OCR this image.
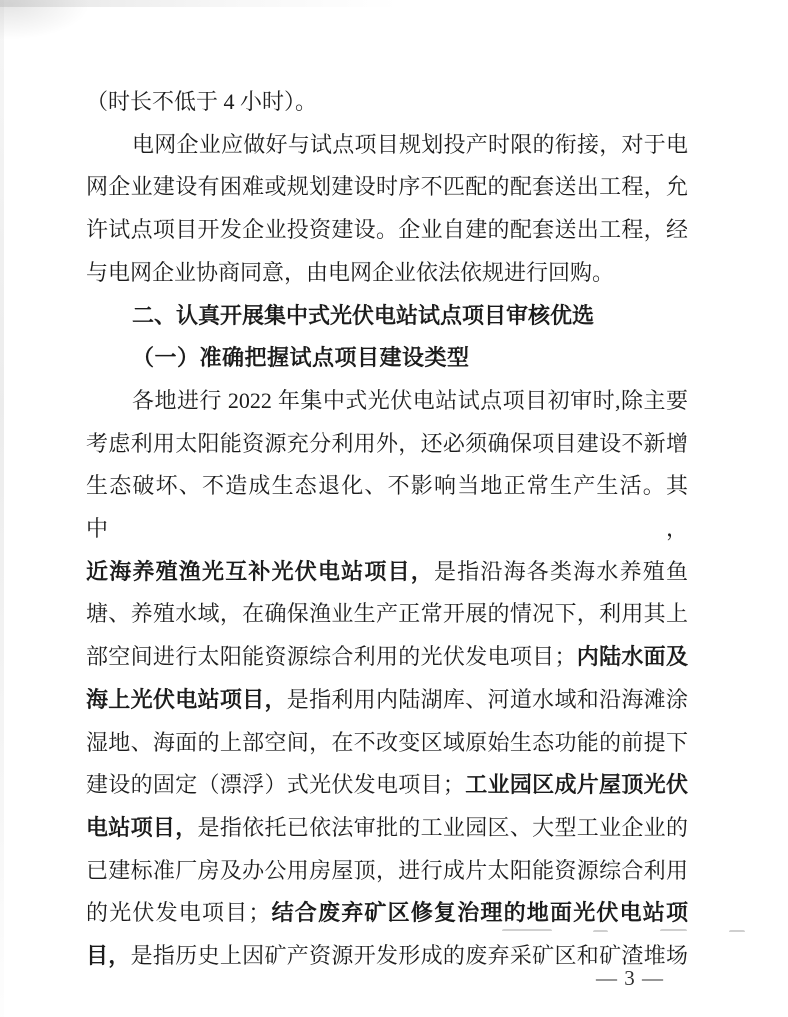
（时长不低于 4 小时）。
电网企业应做好与试点项目规划投产时限的衔接，对于电
网企业建设有困难或规划建设时序不匹配的配套送出工程，允
许试点项目开发企业投资建设。企业自建的配套送出工程，经
与电网企业协商同意，由电网企业依法依规进行回购。
二、认真开展集中式光伏电站试点项目审核优选
（一）准确把握试点项目建设类型
各地进行 2022 年集中式光伏电站试点项目初审时,除主要
考虑利用太阳能资源充分利用外，还必须确保项目建设不新增
生态破坏、不造成生态退化、不影响当地正常生产生活。其中，
近海养殖渔光互补光伏电站项目，是指沿海各类海水养殖鱼
塘、养殖水域，在确保渔业生产正常开展的情况下，利用其上
部空间进行太阳能资源综合利用的光伏发电项目；内陆水面及
海上光伏电站项目，是指利用内陆湖库、河道水域和沿海滩涂
湿地、海面的上部空间，在不改变区域原始生态功能的前提下
建设的固定（漂浮）式光伏发电项目；工业园区成片屋顶光伏
电站项目，是指依托已依法审批的工业园区、大型工业企业的
已建标准厂房及办公用房屋顶，进行成片太阳能资源综合利用
的光伏发电项目；结合废弃矿区修复治理的地面光伏电站项
目，是指历史上因矿产资源开发形成的废弃采矿区和矿渣堆场
— 3 —
